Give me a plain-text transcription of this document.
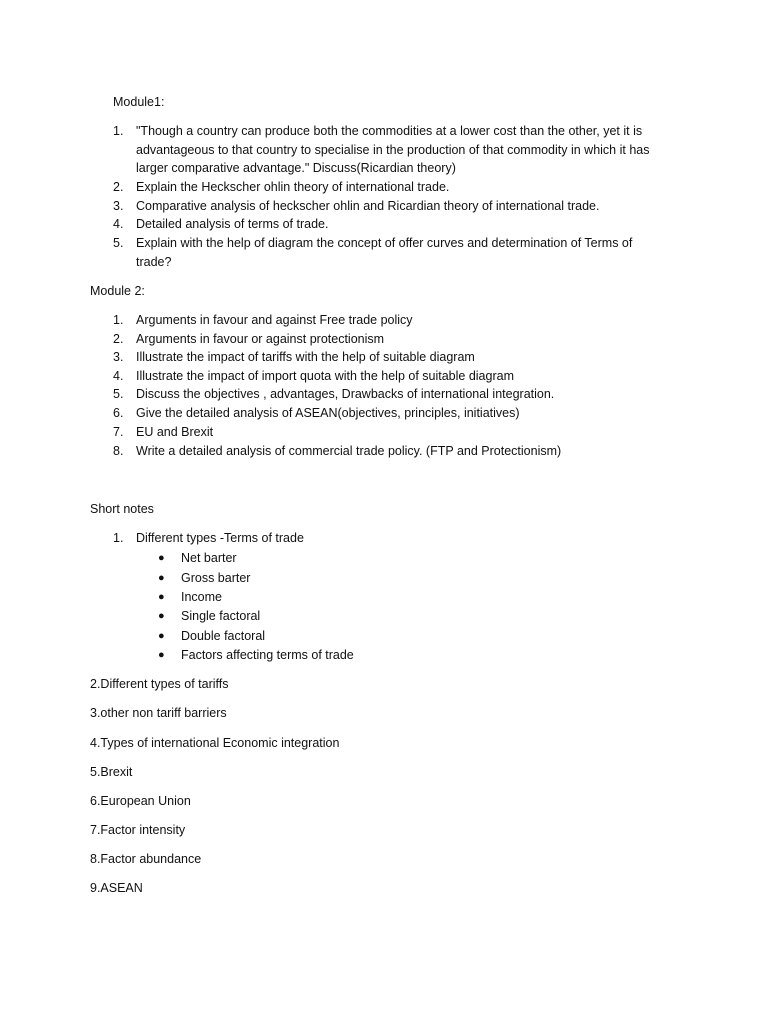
Module1:
1.	"Though a country can produce both the commodities at a lower cost than the other, yet it is
advantageous to that country to specialise in the production of that commodity in which it has
larger comparative advantage." Discuss(Ricardian theory)
2.	Explain the Heckscher ohlin theory of international trade.
3.	Comparative analysis of heckscher ohlin and Ricardian theory of international trade.
4.	Detailed analysis of terms of trade.
5.	Explain with the help of diagram the concept of offer curves and determination of Terms of
trade?
Module 2:
1.	Arguments in favour and against Free trade policy
2.	Arguments in favour or against protectionism
3.	Illustrate the impact of tariffs with the help of suitable diagram
4.	Illustrate the impact of import quota with the help of suitable diagram
5.	Discuss the objectives , advantages, Drawbacks of international integration.
6.	Give the detailed analysis of ASEAN(objectives, principles, initiatives)
7.	EU and Brexit
8.	Write a detailed analysis of commercial trade policy. (FTP and Protectionism)
Short notes
1.	Different types -Terms of trade
● Net barter
● Gross barter
● Income
● Single factoral
● Double factoral
● Factors affecting terms of trade
2.Different types of tariffs
3.other non tariff barriers
4.Types of international Economic integration
5.Brexit
6.European Union
7.Factor intensity
8.Factor abundance
9.ASEAN
